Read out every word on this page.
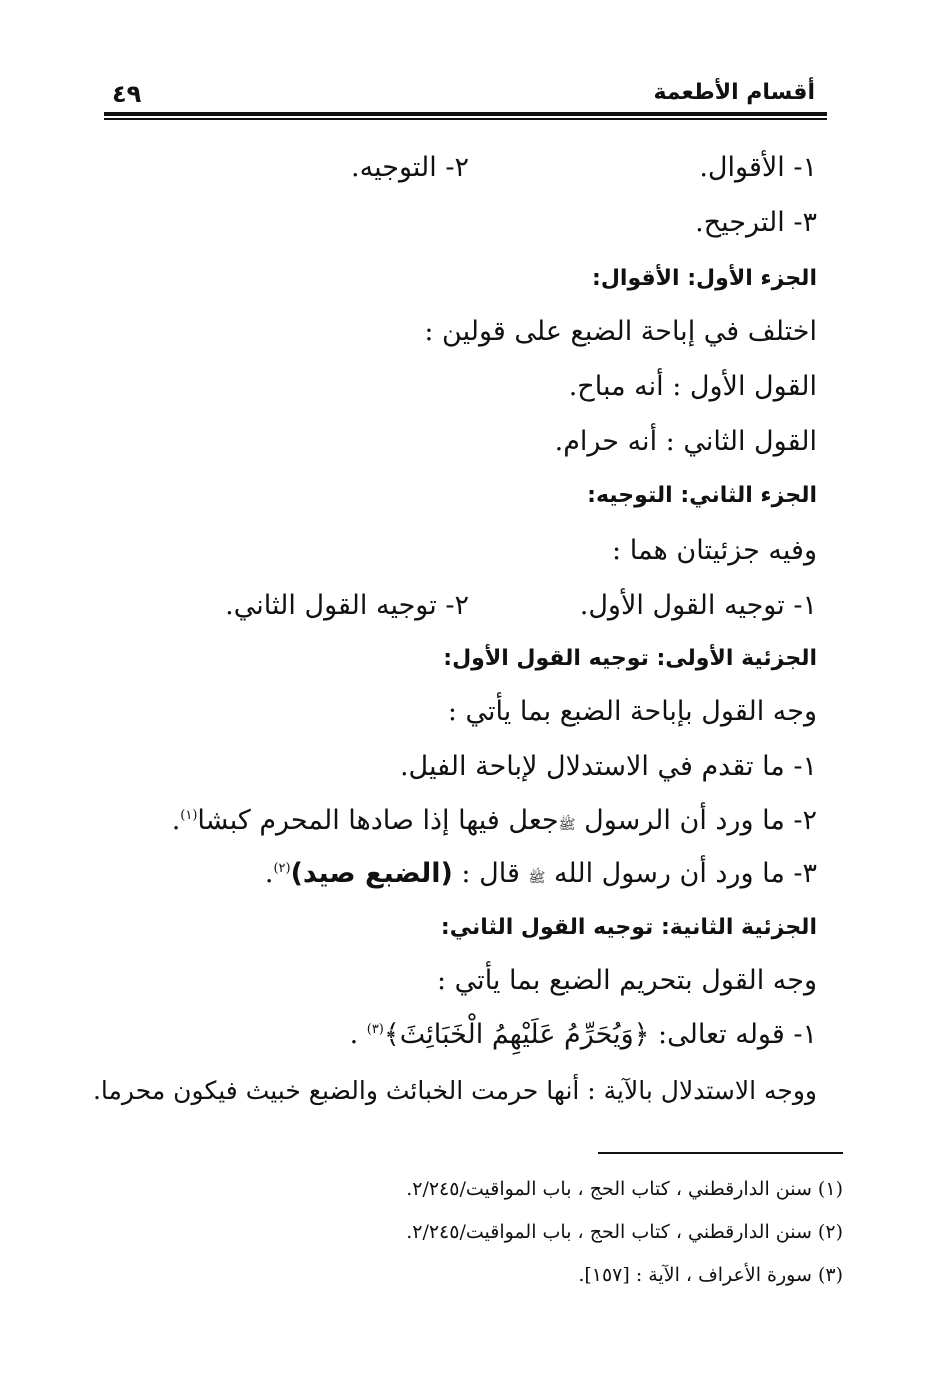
أقسام الأطعمة
٤٩
١- الأقوال.
٢- التوجيه.
٣- الترجيح.
الجزء الأول: الأقوال:
اختلف في إباحة الضبع على قولين :
القول الأول : أنه مباح.
القول الثاني : أنه حرام.
الجزء الثاني: التوجيه:
وفيه جزئيتان هما :
١- توجيه القول الأول.
٢- توجيه القول الثاني.
الجزئية الأولى: توجيه القول الأول:
وجه القول بإباحة الضبع بما يأتي :
١- ما تقدم في الاستدلال لإباحة الفيل.
٢- ما ورد أن الرسول ﷺجعل فيها إذا صادها المحرم كبشا$^{(١)}$.
٣- ما ورد أن رسول الله ﷺ قال : (الضبع صيد)$^{(٢)}$.
الجزئية الثانية: توجيه القول الثاني:
وجه القول بتحريم الضبع بما يأتي :
١- قوله تعالى: ﴿وَيُحَرِّمُ عَلَيْهِمُ الْخَبَائِثَ﴾$^{(٣)}$ .
ووجه الاستدلال بالآية : أنها حرمت الخبائث والضبع خبيث فيكون محرما.
(١) سنن الدارقطني ، كتاب الحج ، باب المواقيت/٢/٢٤٥.
(٢) سنن الدارقطني ، كتاب الحج ، باب المواقيت/٢/٢٤٥.
(٣) سورة الأعراف ، الآية : [١٥٧].
